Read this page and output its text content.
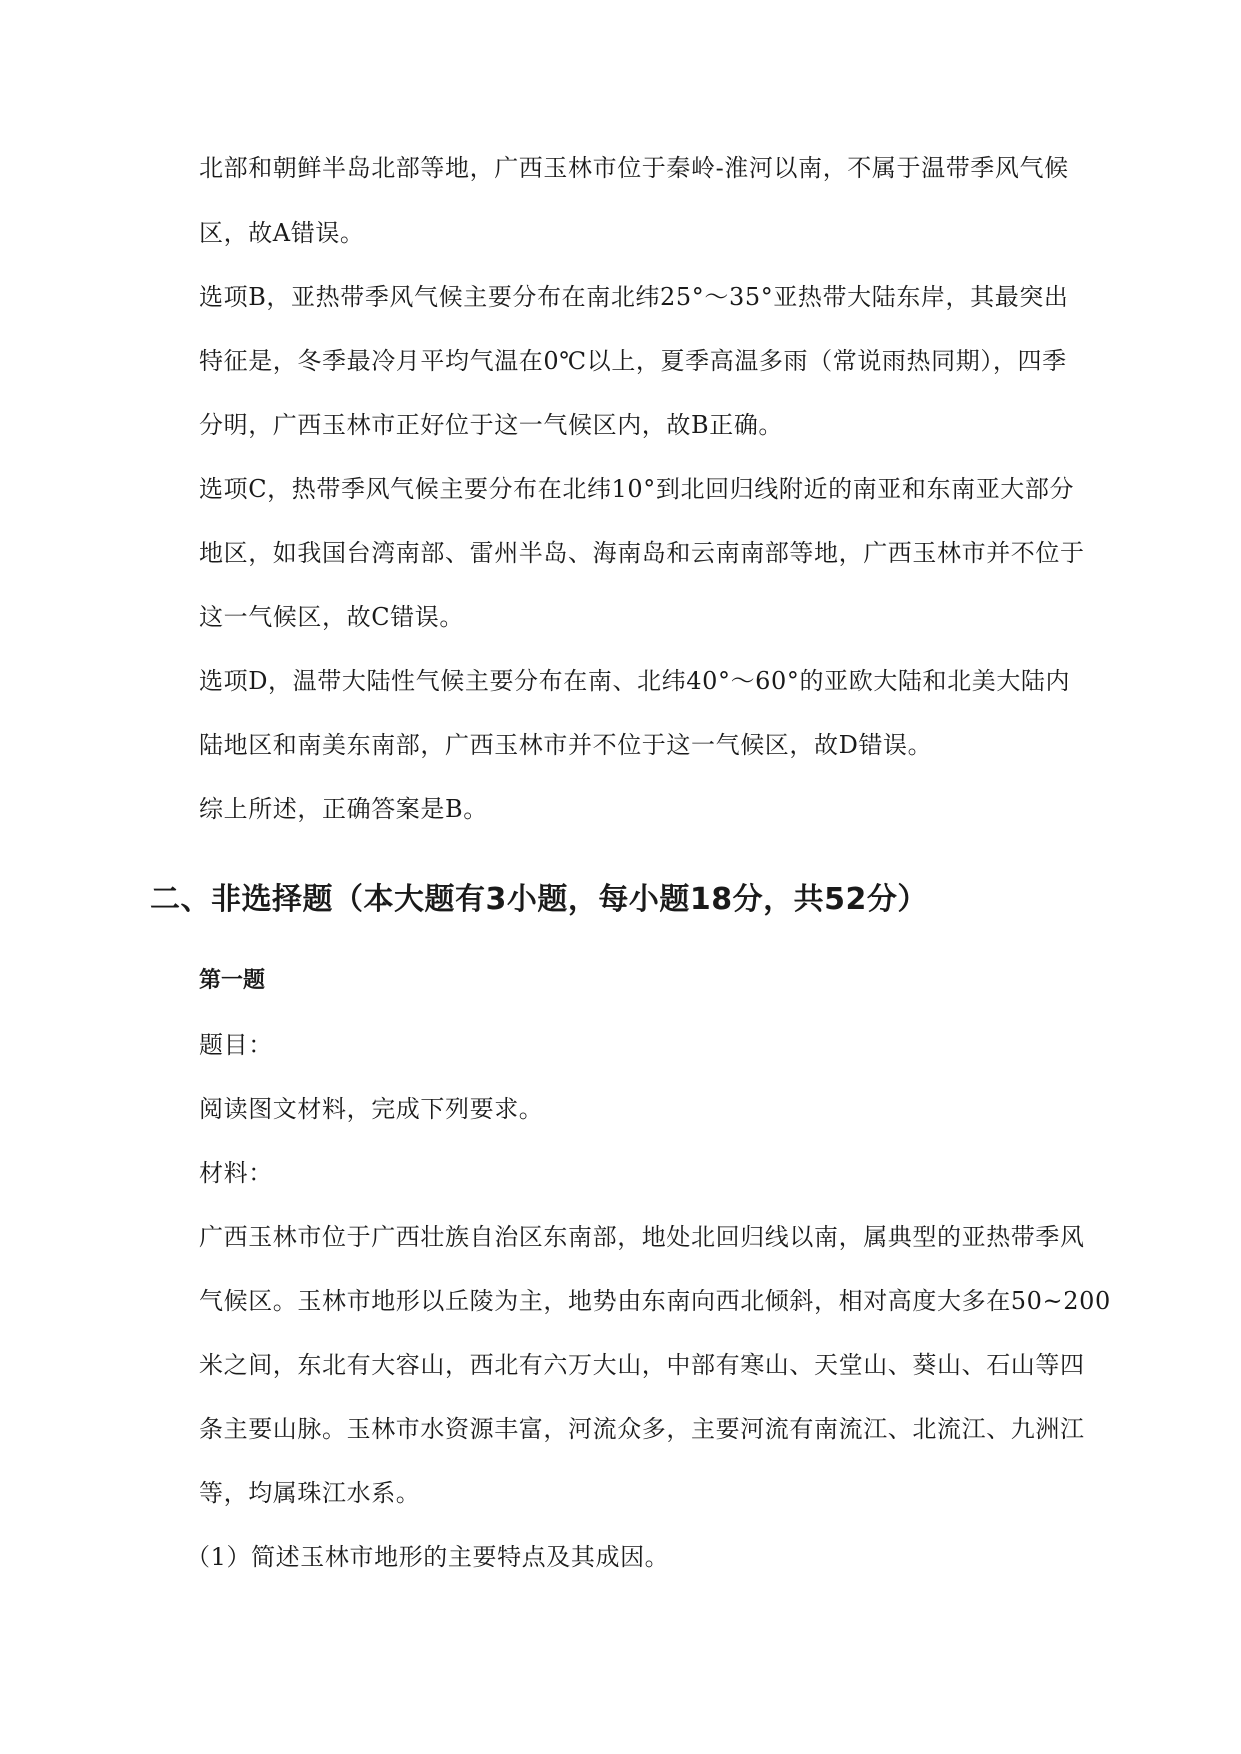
北部和朝鲜半岛北部等地，广西玉林市位于秦岭-淮河以南，不属于温带季风气候
区，故A错误。
选项B，亚热带季风气候主要分布在南北纬25°～35°亚热带大陆东岸，其最突出
特征是，冬季最冷月平均气温在0℃以上，夏季高温多雨（常说雨热同期），四季
分明，广西玉林市正好位于这一气候区内，故B正确。
选项C，热带季风气候主要分布在北纬10°到北回归线附近的南亚和东南亚大部分
地区，如我国台湾南部、雷州半岛、海南岛和云南南部等地，广西玉林市并不位于
这一气候区，故C错误。
选项D，温带大陆性气候主要分布在南、北纬40°～60°的亚欧大陆和北美大陆内
陆地区和南美东南部，广西玉林市并不位于这一气候区，故D错误。
综上所述，正确答案是B。
二、非选择题（本大题有3小题，每小题18分，共52分）
第一题
题目：
阅读图文材料，完成下列要求。
材料：
广西玉林市位于广西壮族自治区东南部，地处北回归线以南，属典型的亚热带季风
气候区。玉林市地形以丘陵为主，地势由东南向西北倾斜，相对高度大多在50~200
米之间，东北有大容山，西北有六万大山，中部有寒山、天堂山、葵山、石山等四
条主要山脉。玉林市水资源丰富，河流众多，主要河流有南流江、北流江、九洲江
等，均属珠江水系。
（1）简述玉林市地形的主要特点及其成因。
